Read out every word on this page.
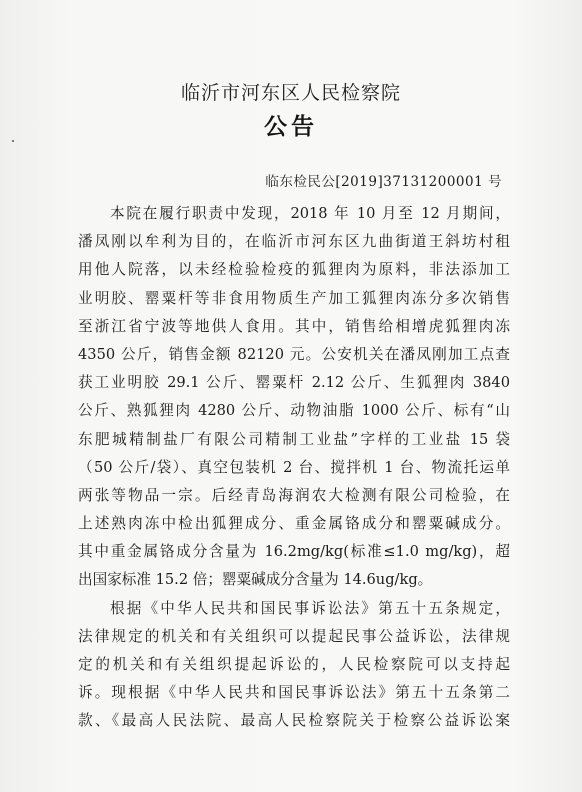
临沂市河东区人民检察院
公告
临东检民公[2019]37131200001 号
本院在履行职责中发现，2018 年 10 月至 12 月期间，
潘凤刚以牟利为目的，在临沂市河东区九曲街道王斜坊村租
用他人院落，以未经检验检疫的狐狸肉为原料，非法添加工
业明胶、罂粟杆等非食用物质生产加工狐狸肉冻分多次销售
至浙江省宁波等地供人食用。其中，销售给相增虎狐狸肉冻
4350 公斤，销售金额 82120 元。公安机关在潘凤刚加工点查
获工业明胶 29.1 公斤、罂粟杆 2.12 公斤、生狐狸肉 3840
公斤、熟狐狸肉 4280 公斤、动物油脂 1000 公斤、标有“山
东肥城精制盐厂有限公司精制工业盐”字样的工业盐 15 袋
（50 公斤/袋）、真空包装机 2 台、搅拌机 1 台、物流托运单
两张等物品一宗。后经青岛海润农大检测有限公司检验，在
上述熟肉冻中检出狐狸成分、重金属铬成分和罂粟碱成分。
其中重金属铬成分含量为 16.2mg/kg(标准≤1.0 mg/kg)，超
出国家标准 15.2 倍；罂粟碱成分含量为 14.6ug/kg。
根据《中华人民共和国民事诉讼法》第五十五条规定，
法律规定的机关和有关组织可以提起民事公益诉讼，法律规
定的机关和有关组织提起诉讼的，人民检察院可以支持起
诉。现根据《中华人民共和国民事诉讼法》第五十五条第二
款、《最高人民法院、最高人民检察院关于检察公益诉讼案
